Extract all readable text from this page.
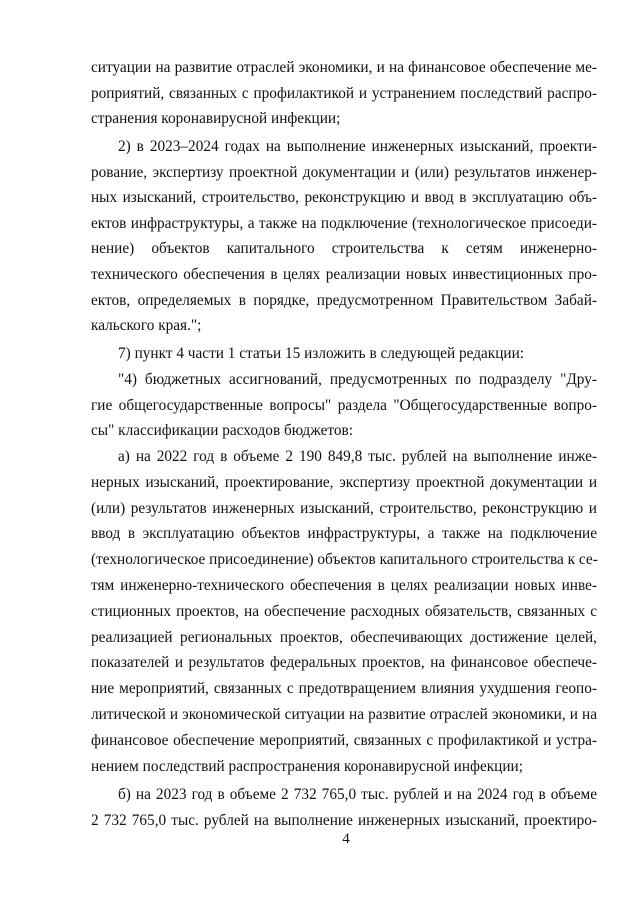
ситуации на развитие отраслей экономики, и на финансовое обеспечение ме-
роприятий, связанных с профилактикой и устранением последствий распро-
странения коронавирусной инфекции;
2) в 2023–2024 годах на выполнение инженерных изысканий, проекти-
рование, экспертизу проектной документации и (или) результатов инженер-
ных изысканий, строительство, реконструкцию и ввод в эксплуатацию объ-
ектов инфраструктуры, а также на подключение (технологическое присоеди-
нение) объектов капитального строительства к сетям инженерно-
технического обеспечения в целях реализации новых инвестиционных про-
ектов, определяемых в порядке, предусмотренном Правительством Забай-
кальского края.";
7) пункт 4 части 1 статьи 15 изложить в следующей редакции:
"4) бюджетных ассигнований, предусмотренных по подразделу "Дру-
гие общегосударственные вопросы" раздела "Общегосударственные вопро-
сы" классификации расходов бюджетов:
а) на 2022 год в объеме 2 190 849,8 тыс. рублей на выполнение инже-
нерных изысканий, проектирование, экспертизу проектной документации и
(или) результатов инженерных изысканий, строительство, реконструкцию и
ввод в эксплуатацию объектов инфраструктуры, а также на подключение
(технологическое присоединение) объектов капитального строительства к се-
тям инженерно-технического обеспечения в целях реализации новых инве-
стиционных проектов, на обеспечение расходных обязательств, связанных с
реализацией региональных проектов, обеспечивающих достижение целей,
показателей и результатов федеральных проектов, на финансовое обеспече-
ние мероприятий, связанных с предотвращением влияния ухудшения геопо-
литической и экономической ситуации на развитие отраслей экономики, и на
финансовое обеспечение мероприятий, связанных с профилактикой и устра-
нением последствий распространения коронавирусной инфекции;
б) на 2023 год в объеме 2 732 765,0 тыс. рублей и на 2024 год в объеме
2 732 765,0 тыс. рублей на выполнение инженерных изысканий, проектиро-
4
